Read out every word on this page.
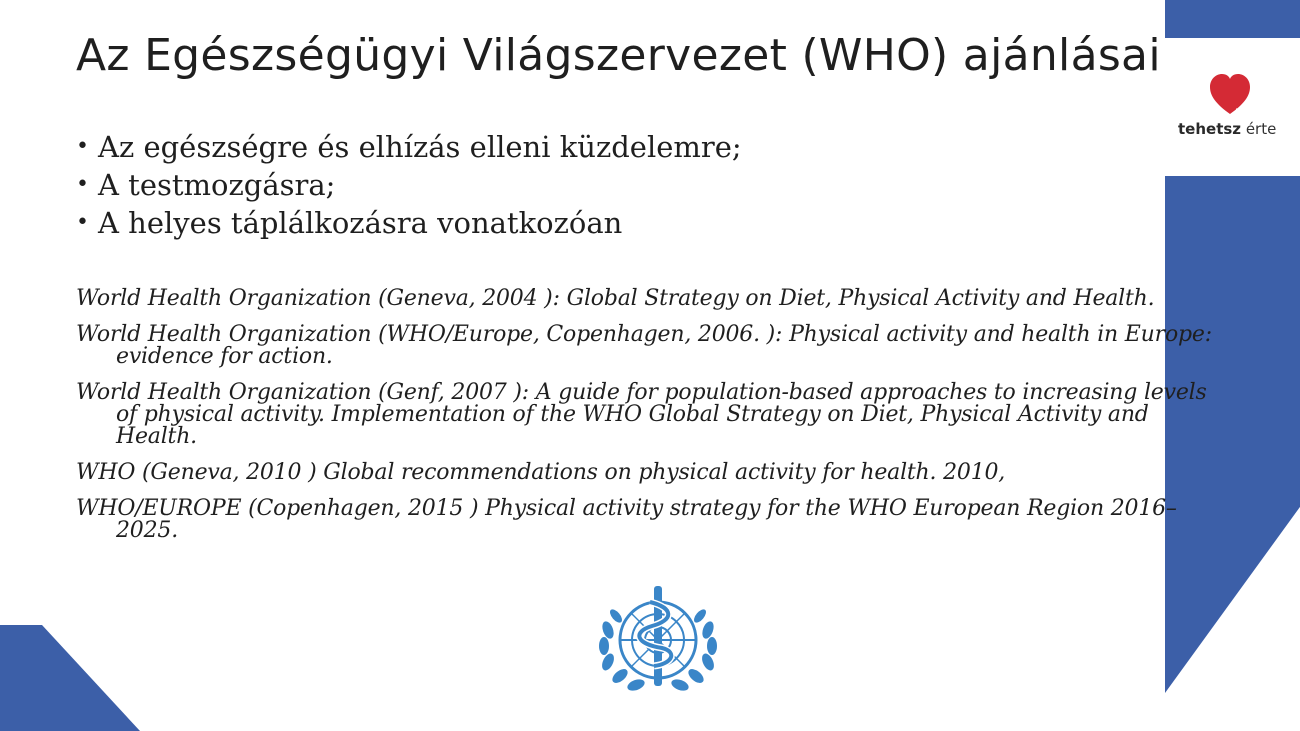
Az Egészségügyi Világszervezet (WHO) ajánlásai
tehetsz érte
• Az egészségre és elhízás elleni küzdelemre;
• A testmozgásra;
• A helyes táplálkozásra vonatkozóan

World Health Organization (Geneva, 2004 ): Global Strategy on Diet, Physical Activity and Health.

World Health Organization (WHO/Europe, Copenhagen, 2006. ): Physical activity and health in Europe: evidence for action.

World Health Organization (Genf, 2007 ): A guide for population-based approaches to increasing levels of physical activity. Implementation of the WHO Global Strategy on Diet, Physical Activity and Health.

WHO (Geneva, 2010 ) Global recommendations on physical activity for health. 2010,

WHO/EUROPE (Copenhagen, 2015 ) Physical activity strategy for the WHO European Region 2016– 2025.
